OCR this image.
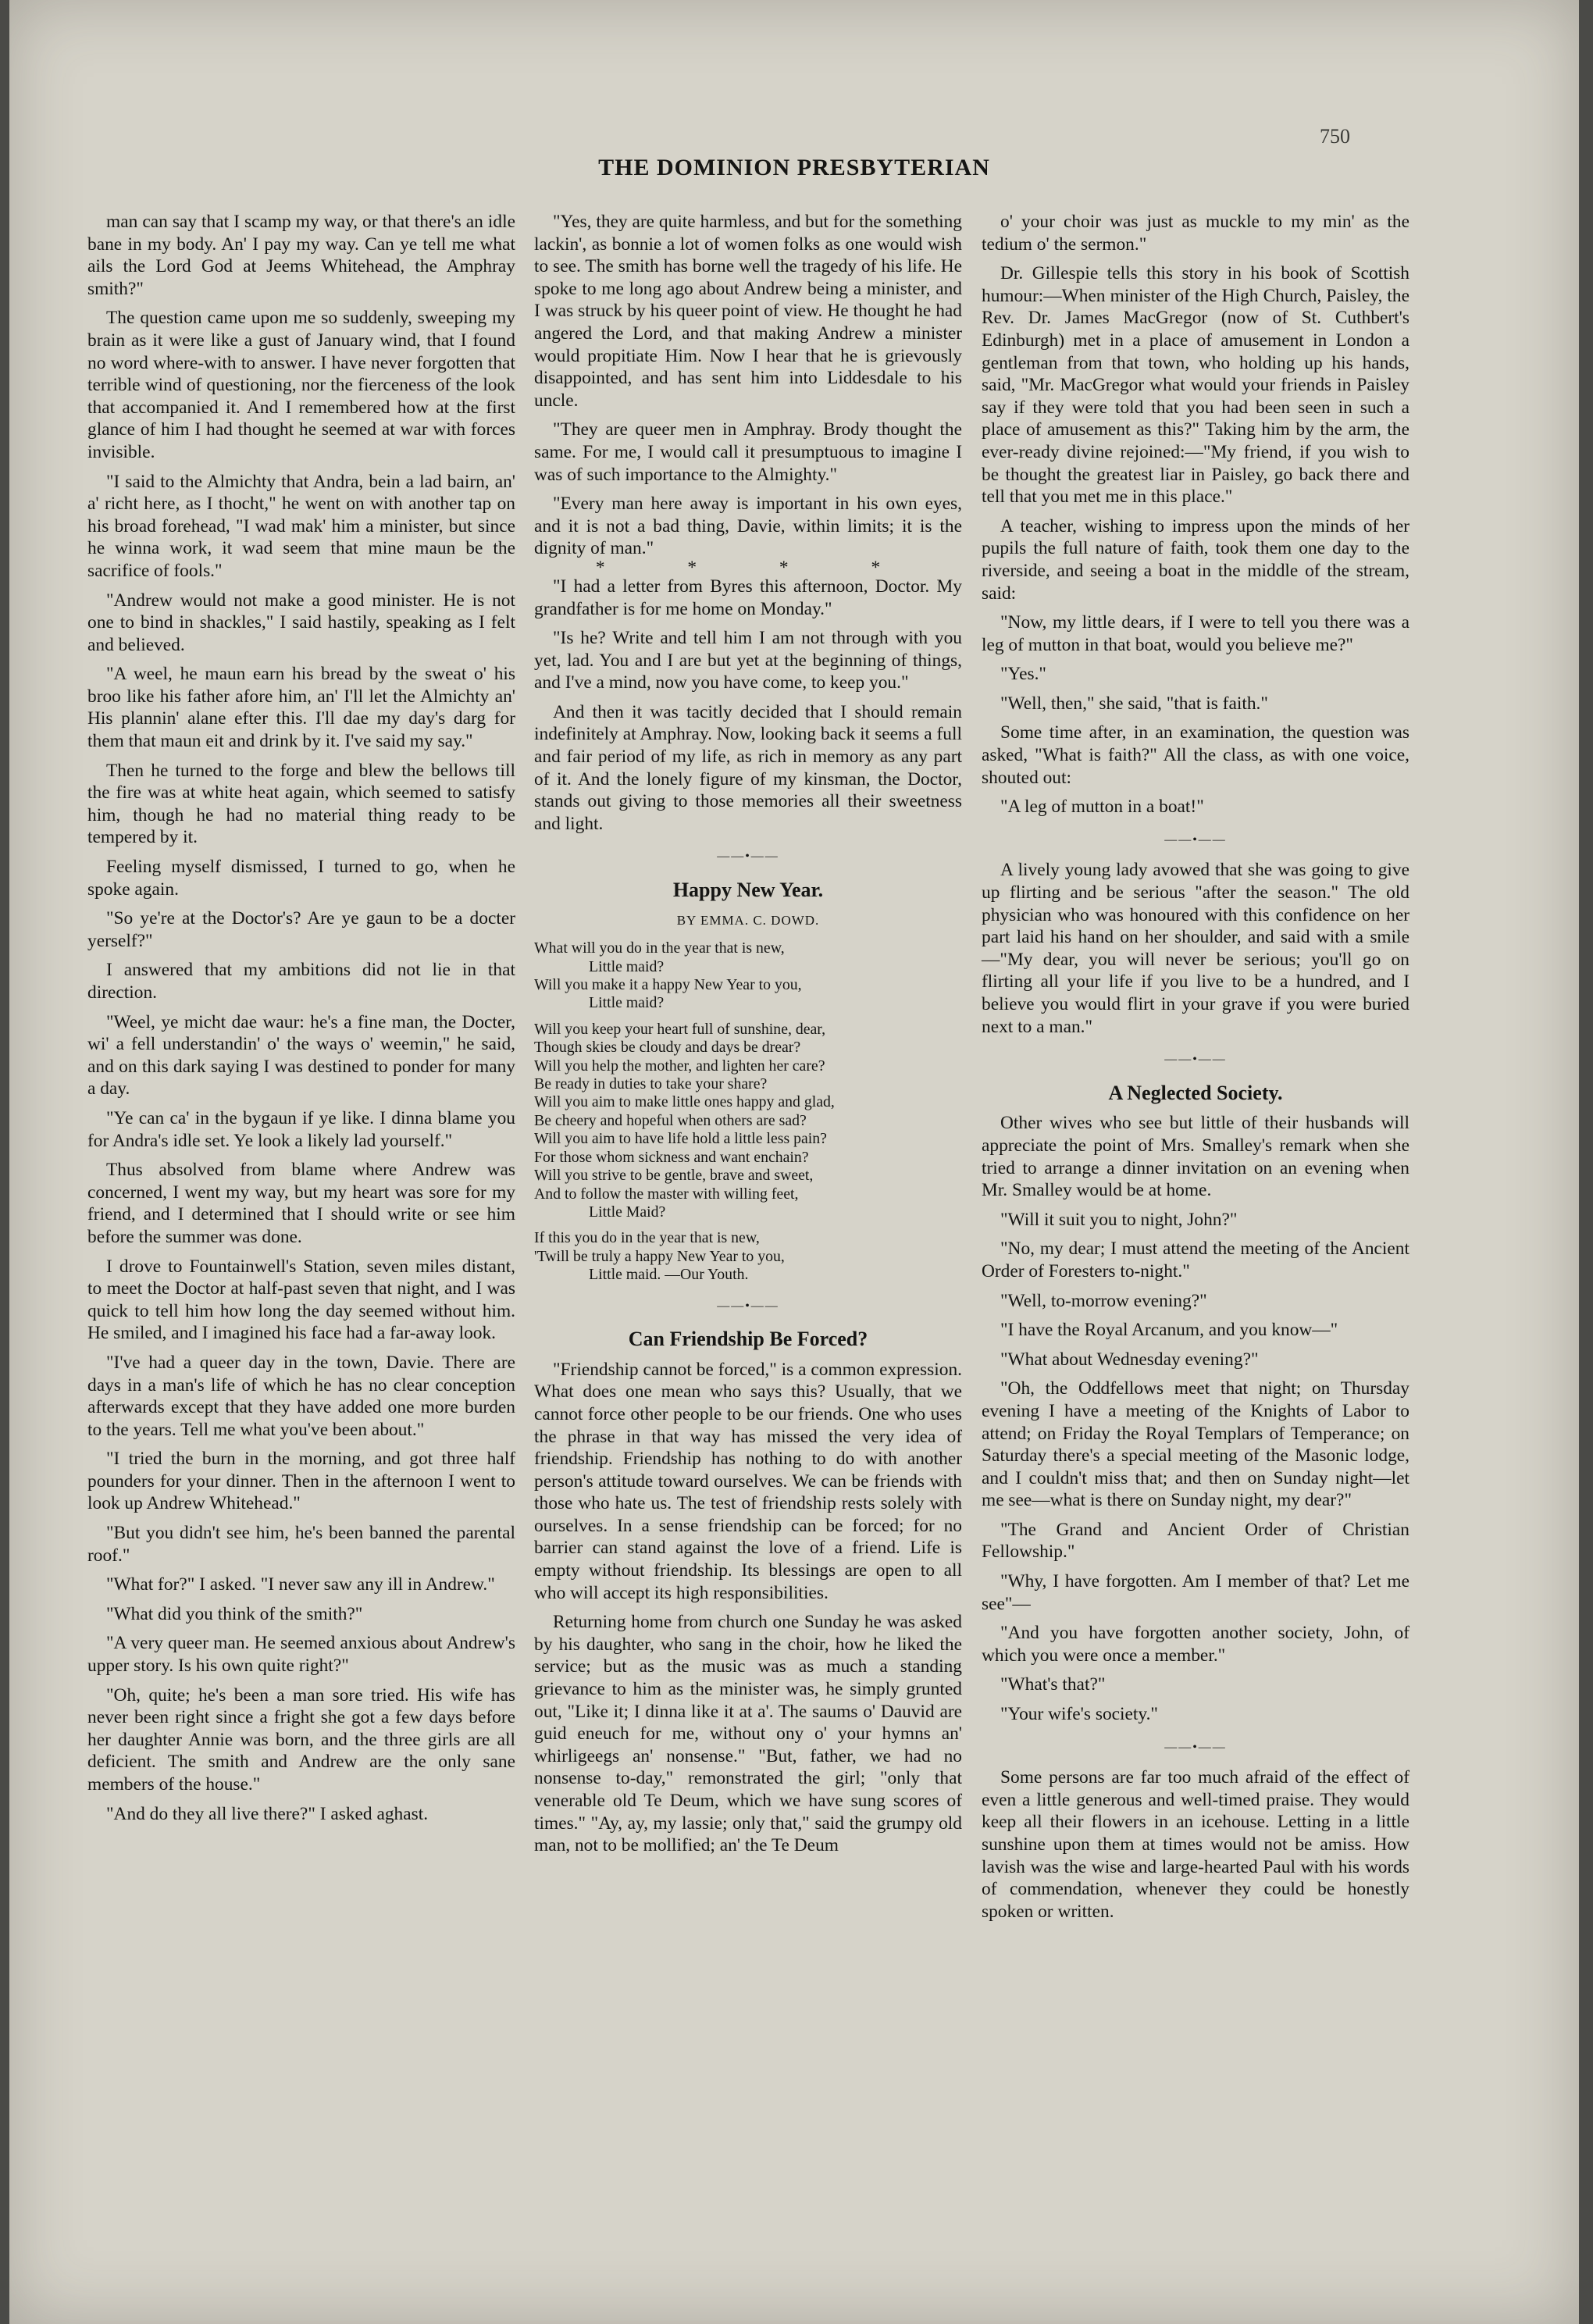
750
THE DOMINION PRESBYTERIAN

man can say that I scamp my way, or that there's an idle bane in my body. An' I pay my way. Can ye tell me what ails the Lord God at Jeems Whitehead, the Amphray smith?"

The question came upon me so suddenly, sweeping my brain as it were like a gust of January wind, that I found no word where-with to answer. I have never forgotten that terrible wind of questioning, nor the fierceness of the look that accompanied it. And I remembered how at the first glance of him I had thought he seemed at war with forces invisible.

"I said to the Almichty that Andra, bein a lad bairn, an' a' richt here, as I thocht," he went on with another tap on his broad forehead, "I wad mak' him a minister, but since he winna work, it wad seem that mine maun be the sacrifice of fools."

"Andrew would not make a good minister. He is not one to bind in shackles," I said hastily, speaking as I felt and believed.

"A weel, he maun earn his bread by the sweat o' his broo like his father afore him, an' I'll let the Almichty an' His plannin' alane efter this. I'll dae my day's darg for them that maun eit and drink by it. I've said my say."

Then he turned to the forge and blew the bellows till the fire was at white heat again, which seemed to satisfy him, though he had no material thing ready to be tempered by it.

Feeling myself dismissed, I turned to go, when he spoke again.

"So ye're at the Doctor's? Are ye gaun to be a docter yerself?"

I answered that my ambitions did not lie in that direction.

"Weel, ye micht dae waur: he's a fine man, the Docter, wi' a fell understandin' o' the ways o' weemin," he said, and on this dark saying I was destined to ponder for many a day.

"Ye can ca' in the bygaun if ye like. I dinna blame you for Andra's idle set. Ye look a likely lad yourself."

Thus absolved from blame where Andrew was concerned, I went my way, but my heart was sore for my friend, and I determined that I should write or see him before the summer was done.

I drove to Fountainwell's Station, seven miles distant, to meet the Doctor at half-past seven that night, and I was quick to tell him how long the day seemed without him. He smiled, and I imagined his face had a far-away look.

"I've had a queer day in the town, Davie. There are days in a man's life of which he has no clear conception afterwards except that they have added one more burden to the years. Tell me what you've been about."

"I tried the burn in the morning, and got three half pounders for your dinner. Then in the afternoon I went to look up Andrew Whitehead."

"But you didn't see him, he's been banned the parental roof."

"What for?" I asked. "I never saw any ill in Andrew."

"What did you think of the smith?"

"A very queer man. He seemed anxious about Andrew's upper story. Is his own quite right?"

"Oh, quite; he's been a man sore tried. His wife has never been right since a fright she got a few days before her daughter Annie was born, and the three girls are all deficient. The smith and Andrew are the only sane members of the house."

"And do they all live there?" I asked aghast.

"Yes, they are quite harmless, and but for the something lackin', as bonnie a lot of women folks as one would wish to see. The smith has borne well the tragedy of his life. He spoke to me long ago about Andrew being a minister, and I was struck by his queer point of view. He thought he had angered the Lord, and that making Andrew a minister would propitiate Him. Now I hear that he is grievously disappointed, and has sent him into Liddesdale to his uncle.

"They are queer men in Amphray. Brody thought the same. For me, I would call it presumptuous to imagine I was of such importance to the Almighty."

"Every man here away is important in his own eyes, and it is not a bad thing, Davie, within limits; it is the dignity of man."

* * * *

"I had a letter from Byres this afternoon, Doctor. My grandfather is for me home on Monday."

"Is he? Write and tell him I am not through with you yet, lad. You and I are but yet at the beginning of things, and I've a mind, now you have come, to keep you."

And then it was tacitly decided that I should remain indefinitely at Amphray. Now, looking back it seems a full and fair period of my life, as rich in memory as any part of it. And the lonely figure of my kinsman, the Doctor, stands out giving to those memories all their sweetness and light.

——•——
Happy New Year.
BY EMMA. C. DOWD.
What will you do in the year that is new,
Little maid?
Will you make it a happy New Year to you,
Little maid?
Will you keep your heart full of sunshine, dear,
Though skies be cloudy and days be drear?
Will you help the mother, and lighten her care?
Be ready in duties to take your share?
Will you aim to make little ones happy and glad,
Be cheery and hopeful when others are sad?
Will you aim to have life hold a little less pain?
For those whom sickness and want enchain?
Will you strive to be gentle, brave and sweet,
And to follow the master with willing feet,
Little Maid?
If this you do in the year that is new,
'Twill be truly a happy New Year to you,
Little maid. —Our Youth.
——•——
Can Friendship Be Forced?

"Friendship cannot be forced," is a common expression. What does one mean who says this? Usually, that we cannot force other people to be our friends. One who uses the phrase in that way has missed the very idea of friendship. Friendship has nothing to do with another person's attitude toward ourselves. We can be friends with those who hate us. The test of friendship rests solely with ourselves. In a sense friendship can be forced; for no barrier can stand against the love of a friend. Life is empty without friendship. Its blessings are open to all who will accept its high responsibilities.

Returning home from church one Sunday he was asked by his daughter, who sang in the choir, how he liked the service; but as the music was as much a standing grievance to him as the minister was, he simply grunted out, "Like it; I dinna like it at a'. The saums o' Dauvid are guid eneuch for me, without ony o' your hymns an' whirligeegs an' nonsense." "But, father, we had no nonsense to-day," remonstrated the girl; "only that venerable old Te Deum, which we have sung scores of times." "Ay, ay, my lassie; only that," said the grumpy old man, not to be mollified; an' the Te Deum

o' your choir was just as muckle to my min' as the tedium o' the sermon."

Dr. Gillespie tells this story in his book of Scottish humour:—When minister of the High Church, Paisley, the Rev. Dr. James MacGregor (now of St. Cuthbert's Edinburgh) met in a place of amusement in London a gentleman from that town, who holding up his hands, said, "Mr. MacGregor what would your friends in Paisley say if they were told that you had been seen in such a place of amusement as this?" Taking him by the arm, the ever-ready divine rejoined:—"My friend, if you wish to be thought the greatest liar in Paisley, go back there and tell that you met me in this place."

A teacher, wishing to impress upon the minds of her pupils the full nature of faith, took them one day to the riverside, and seeing a boat in the middle of the stream, said:

"Now, my little dears, if I were to tell you there was a leg of mutton in that boat, would you believe me?"

"Yes."

"Well, then," she said, "that is faith."

Some time after, in an examination, the question was asked, "What is faith?" All the class, as with one voice, shouted out:

"A leg of mutton in a boat!"

——•——

A lively young lady avowed that she was going to give up flirting and be serious "after the season." The old physician who was honoured with this confidence on her part laid his hand on her shoulder, and said with a smile—"My dear, you will never be serious; you'll go on flirting all your life if you live to be a hundred, and I believe you would flirt in your grave if you were buried next to a man."

——•——
A Neglected Society.

Other wives who see but little of their husbands will appreciate the point of Mrs. Smalley's remark when she tried to arrange a dinner invitation on an evening when Mr. Smalley would be at home.

"Will it suit you to night, John?"

"No, my dear; I must attend the meeting of the Ancient Order of Foresters to-night."

"Well, to-morrow evening?"

"I have the Royal Arcanum, and you know—"

"What about Wednesday evening?"

"Oh, the Oddfellows meet that night; on Thursday evening I have a meeting of the Knights of Labor to attend; on Friday the Royal Templars of Temperance; on Saturday there's a special meeting of the Masonic lodge, and I couldn't miss that; and then on Sunday night—let me see—what is there on Sunday night, my dear?"

"The Grand and Ancient Order of Christian Fellowship."

"Why, I have forgotten. Am I member of that? Let me see"—

"And you have forgotten another society, John, of which you were once a member."

"What's that?"

"Your wife's society."

——•——

Some persons are far too much afraid of the effect of even a little generous and well-timed praise. They would keep all their flowers in an icehouse. Letting in a little sunshine upon them at times would not be amiss. How lavish was the wise and large-hearted Paul with his words of commendation, whenever they could be honestly spoken or written.
